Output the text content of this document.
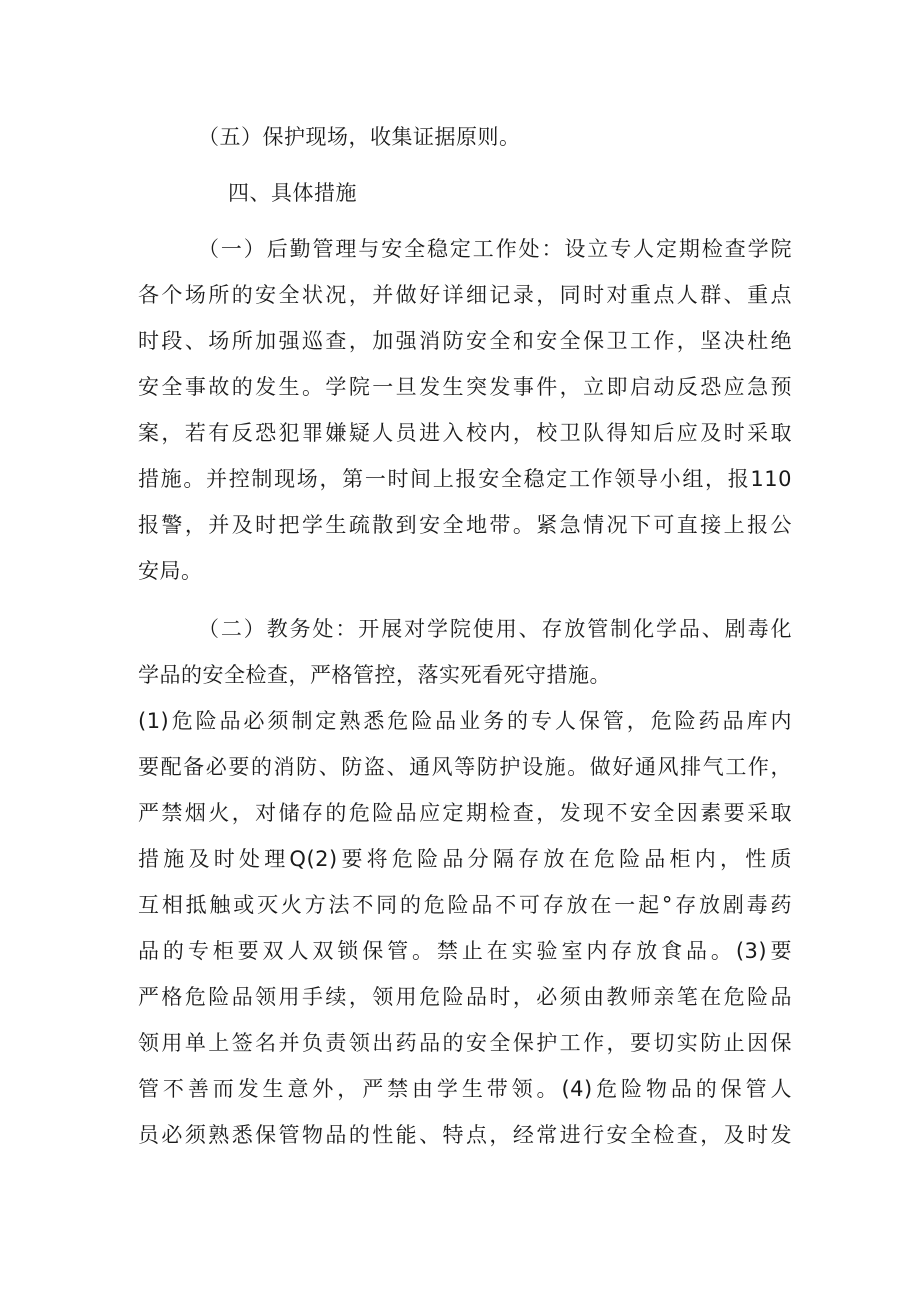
（五）保护现场，收集证据原则。

四、具体措施

（一）后勤管理与安全稳定工作处：设立专人定期检查学院

各个场所的安全状况，并做好详细记录，同时对重点人群、重点

时段、场所加强巡查，加强消防安全和安全保卫工作，坚决杜绝

安全事故的发生。学院一旦发生突发事件，立即启动反恐应急预

案，若有反恐犯罪嫌疑人员进入校内，校卫队得知后应及时采取

措施。并控制现场，第一时间上报安全稳定工作领导小组，报110

报警，并及时把学生疏散到安全地带。紧急情况下可直接上报公

安局。

（二）教务处：开展对学院使用、存放管制化学品、剧毒化

学品的安全检查，严格管控，落实死看死守措施。

(1)危险品必须制定熟悉危险品业务的专人保管，危险药品库内

要配备必要的消防、防盗、通风等防护设施。做好通风排气工作，

严禁烟火，对储存的危险品应定期检查，发现不安全因素要采取

措施及时处理Q(2)要将危险品分隔存放在危险品柜内，性质

互相抵触或灭火方法不同的危险品不可存放在一起°存放剧毒药

品的专柜要双人双锁保管。禁止在实验室内存放食品。(3)要

严格危险品领用手续，领用危险品时，必须由教师亲笔在危险品

领用单上签名并负责领出药品的安全保护工作，要切实防止因保

管不善而发生意外，严禁由学生带领。(4)危险物品的保管人

员必须熟悉保管物品的性能、特点，经常进行安全检查，及时发
